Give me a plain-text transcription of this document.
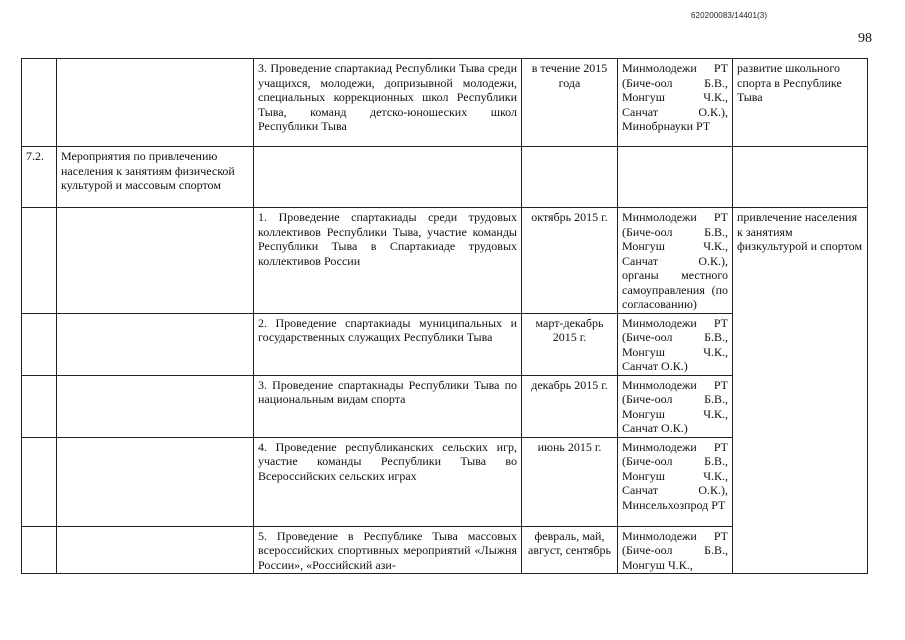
620200083/14401(3)
98
		3. Проведение спартакиад Республики Тыва среди учащихся, молодежи, допризывной молодежи, специальных коррекционных школ Республики Тыва, команд детско-юношеских школ Республики Тыва	в течение 2015 года	Минмолодежи РТ (Биче-оол Б.В., Монгуш Ч.К., Санчат О.К.), Минобрнауки РТ	развитие школьного спорта в Республике Тыва
7.2.	Мероприятия по привлечению населения к занятиям физической культурой и массовым спортом				
		1. Проведение спартакиады среди трудовых коллективов Республики Тыва, участие команды Республики Тыва в Спартакиаде трудовых коллективов России	октябрь 2015 г.	Минмолодежи РТ (Биче-оол Б.В., Монгуш Ч.К., Санчат О.К.), органы местного самоуправления (по согласованию)	привлечение населения к занятиям физкультурой и спортом
		2. Проведение спартакиады муниципальных и государственных служащих Республики Тыва	март-декабрь 2015 г.	Минмолодежи РТ (Биче-оол Б.В., Монгуш Ч.К., Санчат О.К.)	
		3. Проведение спартакиады Республики Тыва по национальным видам спорта	декабрь 2015 г.	Минмолодежи РТ (Биче-оол Б.В., Монгуш Ч.К., Санчат О.К.)	
		4. Проведение республиканских сельских игр, участие команды Республики Тыва во Всероссийских сельских играх	июнь 2015 г.	Минмолодежи РТ (Биче-оол Б.В., Монгуш Ч.К., Санчат О.К.), Минсельхозпрод РТ	
		5. Проведение в Республике Тыва массовых всероссийских спортивных мероприятий «Лыжня России», «Российский ази-	февраль, май, август, сентябрь	Минмолодежи РТ (Биче-оол Б.В., Монгуш Ч.К.,	
